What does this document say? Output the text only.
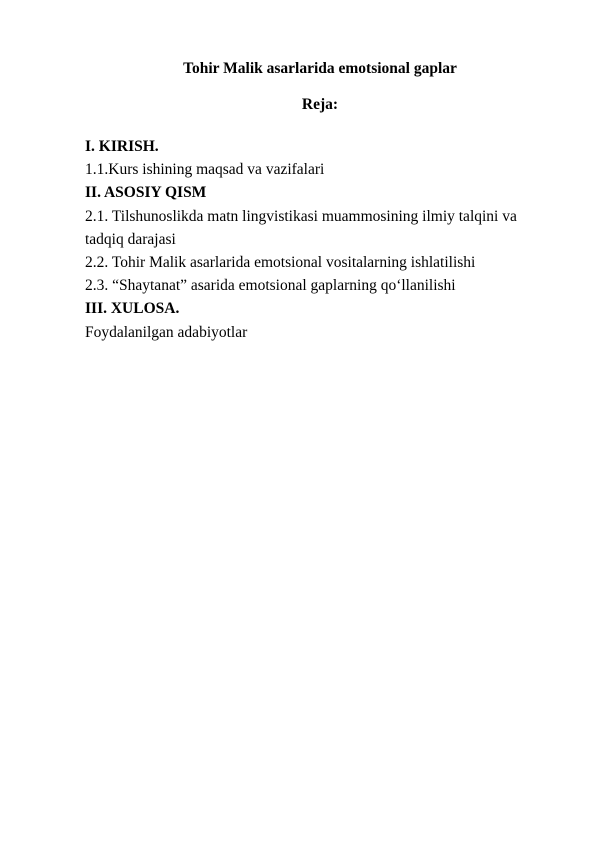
Tohir Malik asarlarida emotsional gaplar
Reja:
I. KIRISH.
1.1.Kurs ishining maqsad va vazifalari
II. ASOSIY QISM
2.1. Tilshunoslikda matn lingvistikasi muammosining ilmiy talqini va
tadqiq darajasi
2.2. Tohir Malik asarlarida emotsional vositalarning ishlatilishi
2.3. “Shaytanat” asarida emotsional gaplarning qo‘llanilishi
III. XULOSA.
Foydalanilgan adabiyotlar
